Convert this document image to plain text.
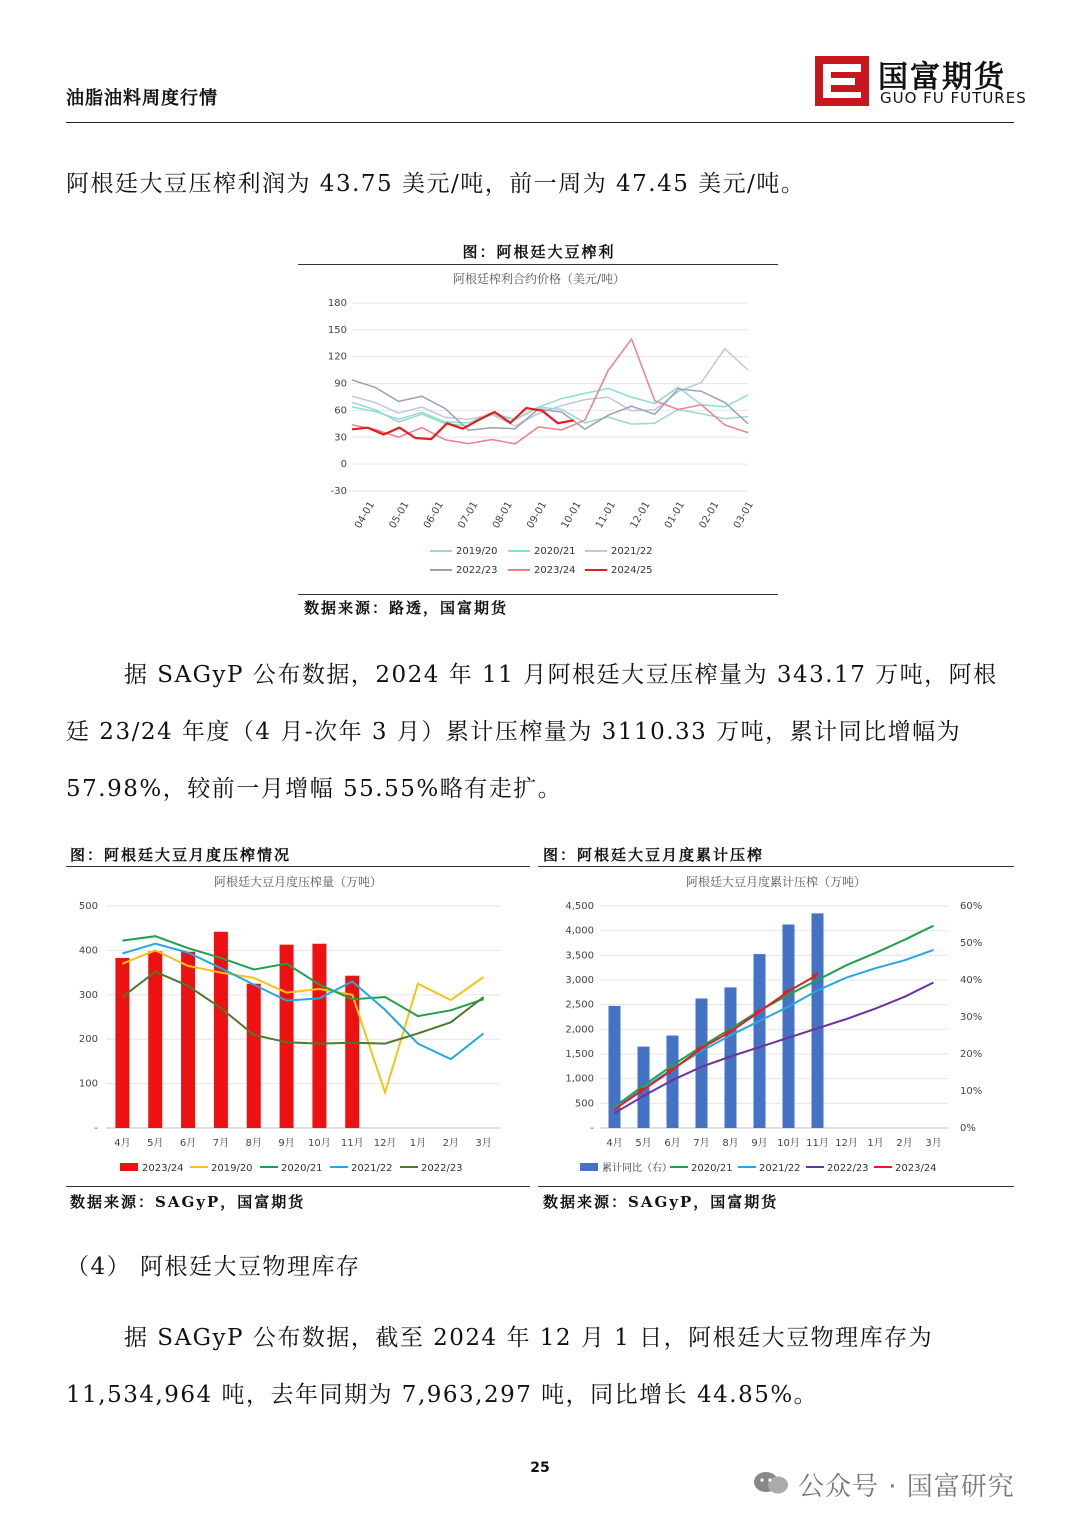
油脂油料周度行情
国富期货
GUO FU FUTURES
阿根廷大豆压榨利润为 43.75 美元/吨，前一周为 47.45 美元/吨。
图：阿根廷大豆榨利
阿根廷榨利合约价格（美元/吨）
180
150
120
90
60
30
0
-30
04-01 05-01 06-01 07-01 08-01 09-01 10-01 11-01 12-01 01-01 02-01 03-01
2019/20	2020/21	2021/22
2022/23	2023/24	2024/25
数据来源：路透，国富期货
据 SAGyP 公布数据，2024 年 11 月阿根廷大豆压榨量为 343.17 万吨，阿根廷 23/24 年度（4 月-次年 3 月）累计压榨量为 3110.33 万吨，累计同比增幅为 57.98%，较前一月增幅 55.55%略有走扩。
图：阿根廷大豆月度压榨情况
阿根廷大豆月度压榨量（万吨）
500
400
300
200
100
-
4月 5月 6月 7月 8月 9月 10月 11月 12月 1月 2月 3月
2023/24	2019/20	2020/21	2021/22	2022/23
数据来源：SAGyP，国富期货
图：阿根廷大豆月度累计压榨
阿根廷大豆月度累计压榨（万吨）
4,500
4,000
3,500
3,000
2,500
2,000
1,500
1,000
500
-
60%
50%
40%
30%
20%
10%
0%
4月 5月 6月 7月 8月 9月 10月 11月 12月 1月 2月 3月
累计同比（右） 2020/21	2021/22	2022/23	2023/24
数据来源：SAGyP，国富期货
（4） 阿根廷大豆物理库存
据 SAGyP 公布数据，截至 2024 年 12 月 1 日，阿根廷大豆物理库存为11,534,964 吨，去年同期为 7,963,297 吨，同比增长 44.85%。
25
公众号 · 国富研究
